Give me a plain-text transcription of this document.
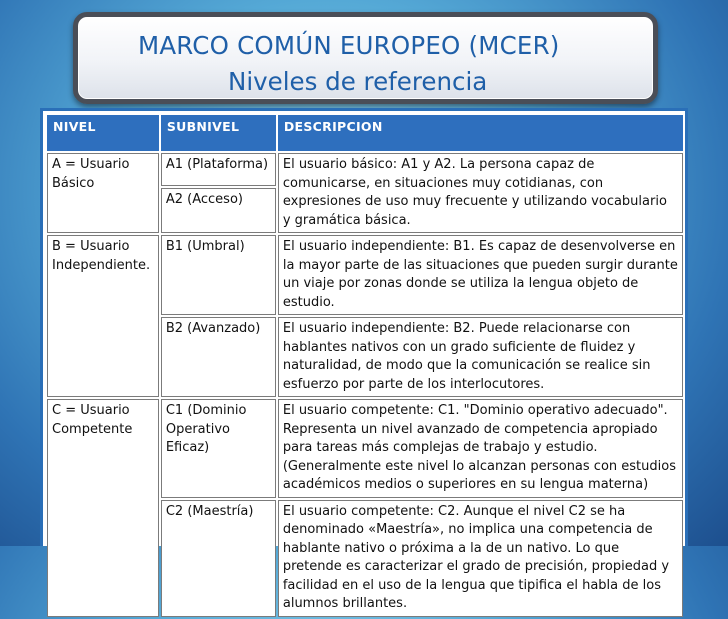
MARCO COMÚN EUROPEO (MCER)
Niveles de referencia
NIVEL	SUBNIVEL	DESCRIPCION
A = Usuario Básico	A1 (Plataforma)	El usuario básico: A1 y A2. La persona capaz de comunicarse, en situaciones muy cotidianas, con expresiones de uso muy frecuente y utilizando vocabulario y gramática básica.
	A2 (Acceso)	
B = Usuario Independiente.	B1 (Umbral)	El usuario independiente: B1. Es capaz de desenvolverse en la mayor parte de las situaciones que pueden surgir durante un viaje por zonas donde se utiliza la lengua objeto de estudio.
	B2 (Avanzado)	El usuario independiente: B2. Puede relacionarse con hablantes nativos con un grado suficiente de fluidez y naturalidad, de modo que la comunicación se realice sin esfuerzo por parte de los interlocutores.
C = Usuario Competente	C1 (Dominio Operativo Eficaz)	El usuario competente: C1. "Dominio operativo adecuado". Representa un nivel avanzado de competencia apropiado para tareas más complejas de trabajo y estudio. (Generalmente este nivel lo alcanzan personas con estudios académicos medios o superiores en su lengua materna)
	C2 (Maestría)	El usuario competente: C2. Aunque el nivel C2 se ha denominado «Maestría», no implica una competencia de hablante nativo o próxima a la de un nativo. Lo que pretende es caracterizar el grado de precisión, propiedad y facilidad en el uso de la lengua que tipifica el habla de los alumnos brillantes.
